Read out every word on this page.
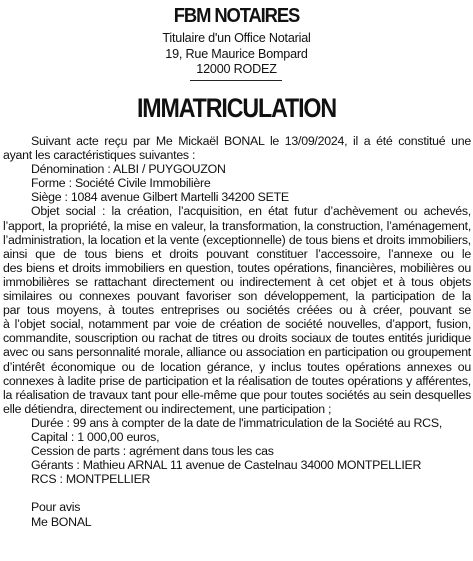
FBM NOTAIRES
Titulaire d'un Office Notarial
19, Rue Maurice Bompard
12000 RODEZ
IMMATRICULATION
Suivant acte reçu par Me Mickaël BONAL le 13/09/2024, il a été constitué une
ayant les caractéristiques suivantes :
Dénomination : ALBI / PUYGOUZON
Forme : Société Civile Immobilière
Siège : 1084 avenue Gilbert Martelli 34200 SETE
Objet social : la création, l’acquisition, en état futur d’achèvement ou achevés,
l’apport, la propriété, la mise en valeur, la transformation, la construction, l’aménagement,
l’administration, la location et la vente (exceptionnelle) de tous biens et droits immobiliers,
ainsi que de tous biens et droits pouvant constituer l’accessoire, l’annexe ou le
des biens et droits immobiliers en question, toutes opérations, financières, mobilières ou
immobilières se rattachant directement ou indirectement à cet objet et à tous objets
similaires ou connexes pouvant favoriser son développement, la participation de la
par tous moyens, à toutes entreprises ou sociétés créées ou à créer, pouvant se
à l’objet social, notamment par voie de création de société nouvelles, d’apport, fusion,
commandite, souscription ou rachat de titres ou droits sociaux de toutes entités juridique
avec ou sans personnalité morale, alliance ou association en participation ou groupement
d’intérêt économique ou de location gérance, y inclus toutes opérations annexes ou
connexes à ladite prise de participation et la réalisation de toutes opérations y afférentes,
la réalisation de travaux tant pour elle-même que pour toutes sociétés au sein desquelles
elle détiendra, directement ou indirectement, une participation ;
Durée : 99 ans à compter de la date de l'immatriculation de la Société au RCS,
Capital : 1 000,00 euros,
Cession de parts : agrément dans tous les cas
Gérants : Mathieu ARNAL 11 avenue de Castelnau 34000 MONTPELLIER
RCS : MONTPELLIER
Pour avis
Me BONAL
